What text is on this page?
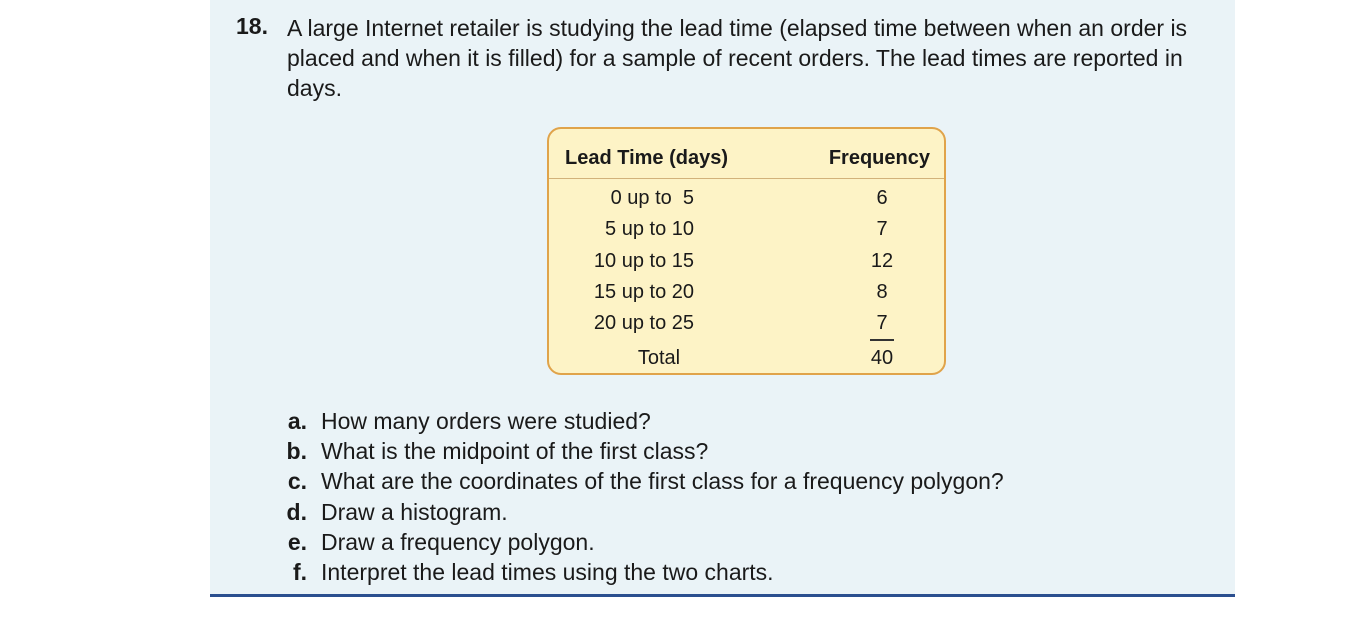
18. A large Internet retailer is studying the lead time (elapsed time between when an order is placed and when it is filled) for a sample of recent orders. The lead times are reported in days.
Lead Time (days)	Frequency
0 up to  5	6
5 up to 10	7
10 up to 15	12
15 up to 20	8
20 up to 25	7
Total	40
a. How many orders were studied?
b. What is the midpoint of the first class?
c. What are the coordinates of the first class for a frequency polygon?
d. Draw a histogram.
e. Draw a frequency polygon.
f. Interpret the lead times using the two charts.
